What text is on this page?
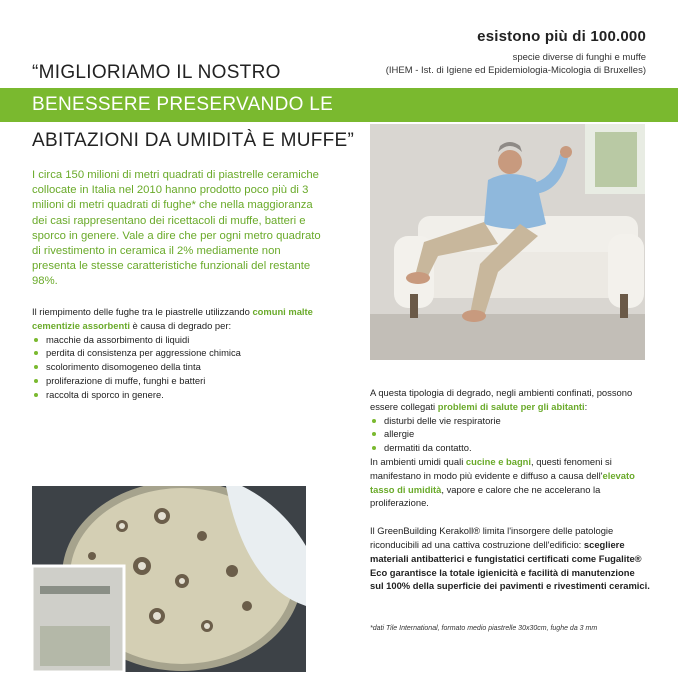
esistono più di 100.000
specie diverse di funghi e muffe
(IHEM - Ist. di Igiene ed Epidemiologia-Micologia di Bruxelles)
“MIGLIORIAMO IL NOSTRO
BENESSERE PRESERVANDO LE
ABITAZIONI DA UMIDITÀ E MUFFE”
I circa 150 milioni di metri quadrati di piastrelle ceramiche collocate in Italia nel 2010 hanno prodotto poco più di 3 milioni di metri quadrati di fughe* che nella maggioranza dei casi rappresentano dei ricettacoli di muffe, batteri e sporco in genere. Vale a dire che per ogni metro quadrato di rivestimento in ceramica il 2% mediamente non presenta le stesse caratteristiche funzionali del restante 98%.
Il riempimento delle fughe tra le piastrelle utilizzando comuni malte cementizie assorbenti è causa di degrado per:
macchie da assorbimento di liquidi
perdita di consistenza per aggressione chimica
scolorimento disomogeneo della tinta
proliferazione di muffe, funghi e batteri
raccolta di sporco in genere.	A questa tipologia di degrado, negli ambienti confinati, possono essere collegati problemi di salute per gli abitanti:

disturbi delle vie respiratorie
allergie
dermatiti da contatto.

In ambienti umidi quali cucine e bagni, questi fenomeni si manifestano in modo più evidente e diffuso a causa dell'elevato tasso di umidità, vapore e calore che ne accelerano la proliferazione.

Il GreenBuilding Kerakoll® limita l'insorgere delle patologie riconducibili ad una cattiva costruzione dell'edificio: scegliere materiali antibatterici e fungistatici certificati come Fugalite® Eco garantisce la totale igienicità e facilità di manutenzione sul 100% della superficie dei pavimenti e rivestimenti ceramici.

*dati Tile International, formato medio piastrelle 30x30cm, fughe da 3 mm
